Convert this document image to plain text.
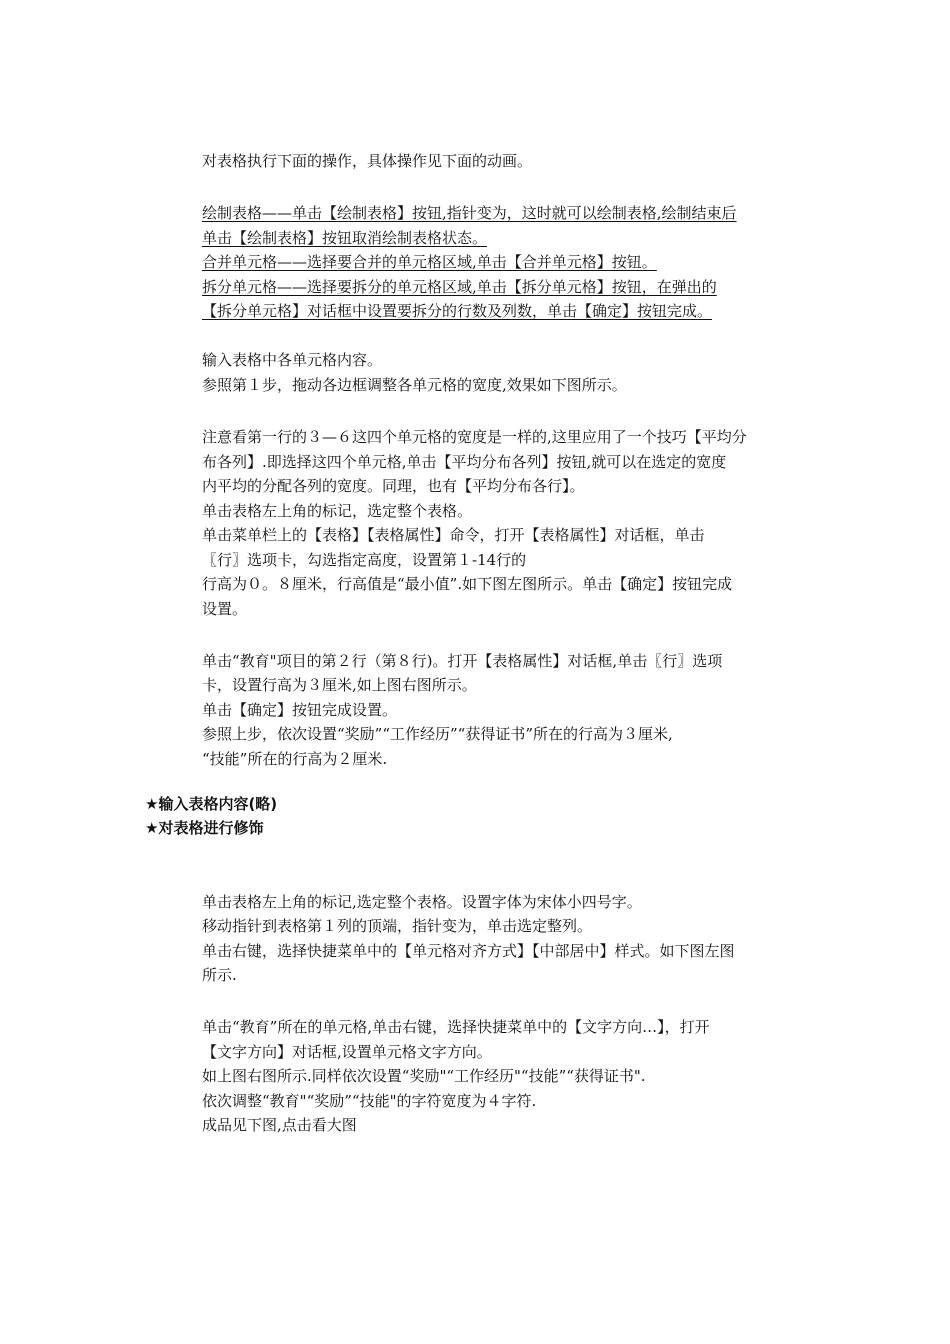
对表格执行下面的操作，具体操作见下面的动画。
绘制表格——单击【绘制表格】按钮,指针变为，这时就可以绘制表格,绘制结束后
单击【绘制表格】按钮取消绘制表格状态。
合并单元格——选择要合并的单元格区域,单击【合并单元格】按钮。
拆分单元格——选择要拆分的单元格区域,单击【拆分单元格】按钮，在弹出的
【拆分单元格】对话框中设置要拆分的行数及列数，单击【确定】按钮完成。
输入表格中各单元格内容。
参照第１步，拖动各边框调整各单元格的宽度,效果如下图所示。
注意看第一行的３—６这四个单元格的宽度是一样的,这里应用了一个技巧【平均分
布各列】.即选择这四个单元格,单击【平均分布各列】按钮,就可以在选定的宽度
内平均的分配各列的宽度。同理，也有【平均分布各行】。
单击表格左上角的标记，选定整个表格。
单击菜单栏上的【表格】【表格属性】命令，打开【表格属性】对话框，单击
〖行〗选项卡，勾选指定高度，设置第１-14行的
行高为０。８厘米，行高值是“最小值”.如下图左图所示。单击【确定】按钮完成
设置。
单击“教育"项目的第２行（第８行)。打开【表格属性】对话框,单击〖行〗选项
卡，设置行高为３厘米,如上图右图所示。
单击【确定】按钮完成设置。
参照上步，依次设置“奖励”“工作经历”“获得证书”所在的行高为３厘米,
“技能”所在的行高为２厘米.
★输入表格内容(略)
★对表格进行修饰
单击表格左上角的标记,选定整个表格。设置字体为宋体小四号字。
移动指针到表格第１列的顶端，指针变为，单击选定整列。
单击右键，选择快捷菜单中的【单元格对齐方式】【中部居中】样式。如下图左图
所示.
单击“教育”所在的单元格,单击右键，选择快捷菜单中的【文字方向…】，打开
【文字方向】对话框,设置单元格文字方向。
如上图右图所示.同样依次设置“奖励"“工作经历"“技能”“获得证书".
依次调整“教育"“奖励”“技能"的字符宽度为４字符.
成品见下图,点击看大图
